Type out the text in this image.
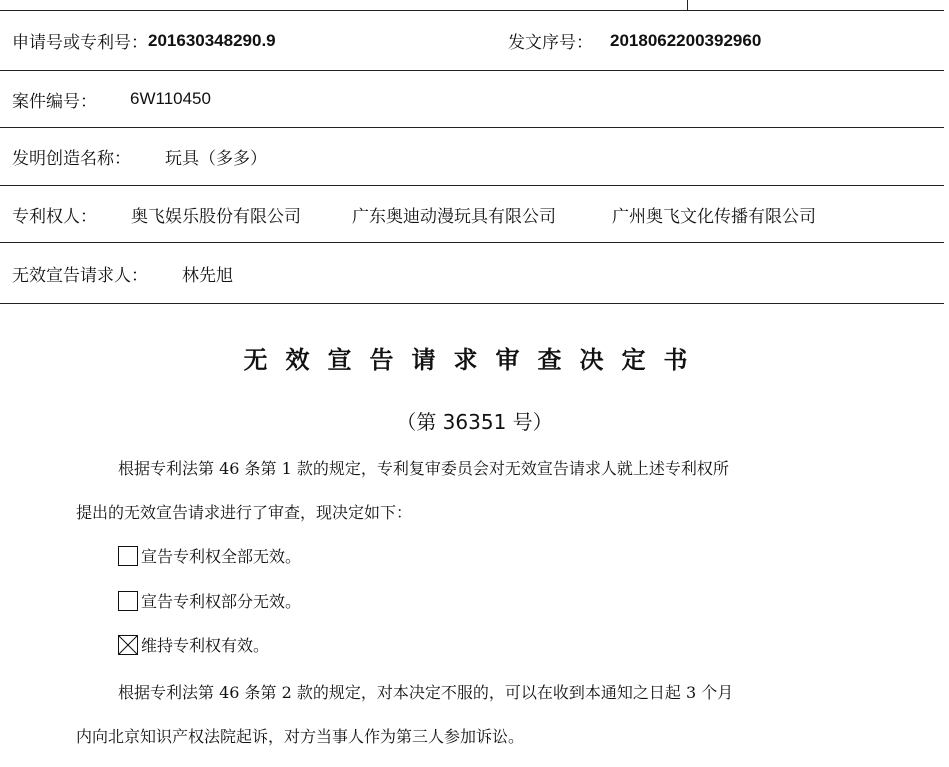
申请号或专利号： 201630348290.9	发文序号： 2018062200392960
案件编号： 6W110450
发明创造名称： 玩具（多多）
专利权人： 奥飞娱乐股份有限公司	广东奥迪动漫玩具有限公司	广州奥飞文化传播有限公司
无效宣告请求人： 林先旭
无效宣告请求审查决定书
（第 36351 号）
根据专利法第 46 条第 1 款的规定，专利复审委员会对无效宣告请求人就上述专利权所
提出的无效宣告请求进行了审查，现决定如下：
宣告专利权全部无效。
宣告专利权部分无效。
维持专利权有效。
根据专利法第 46 条第 2 款的规定，对本决定不服的，可以在收到本通知之日起 3 个月
内向北京知识产权法院起诉，对方当事人作为第三人参加诉讼。
